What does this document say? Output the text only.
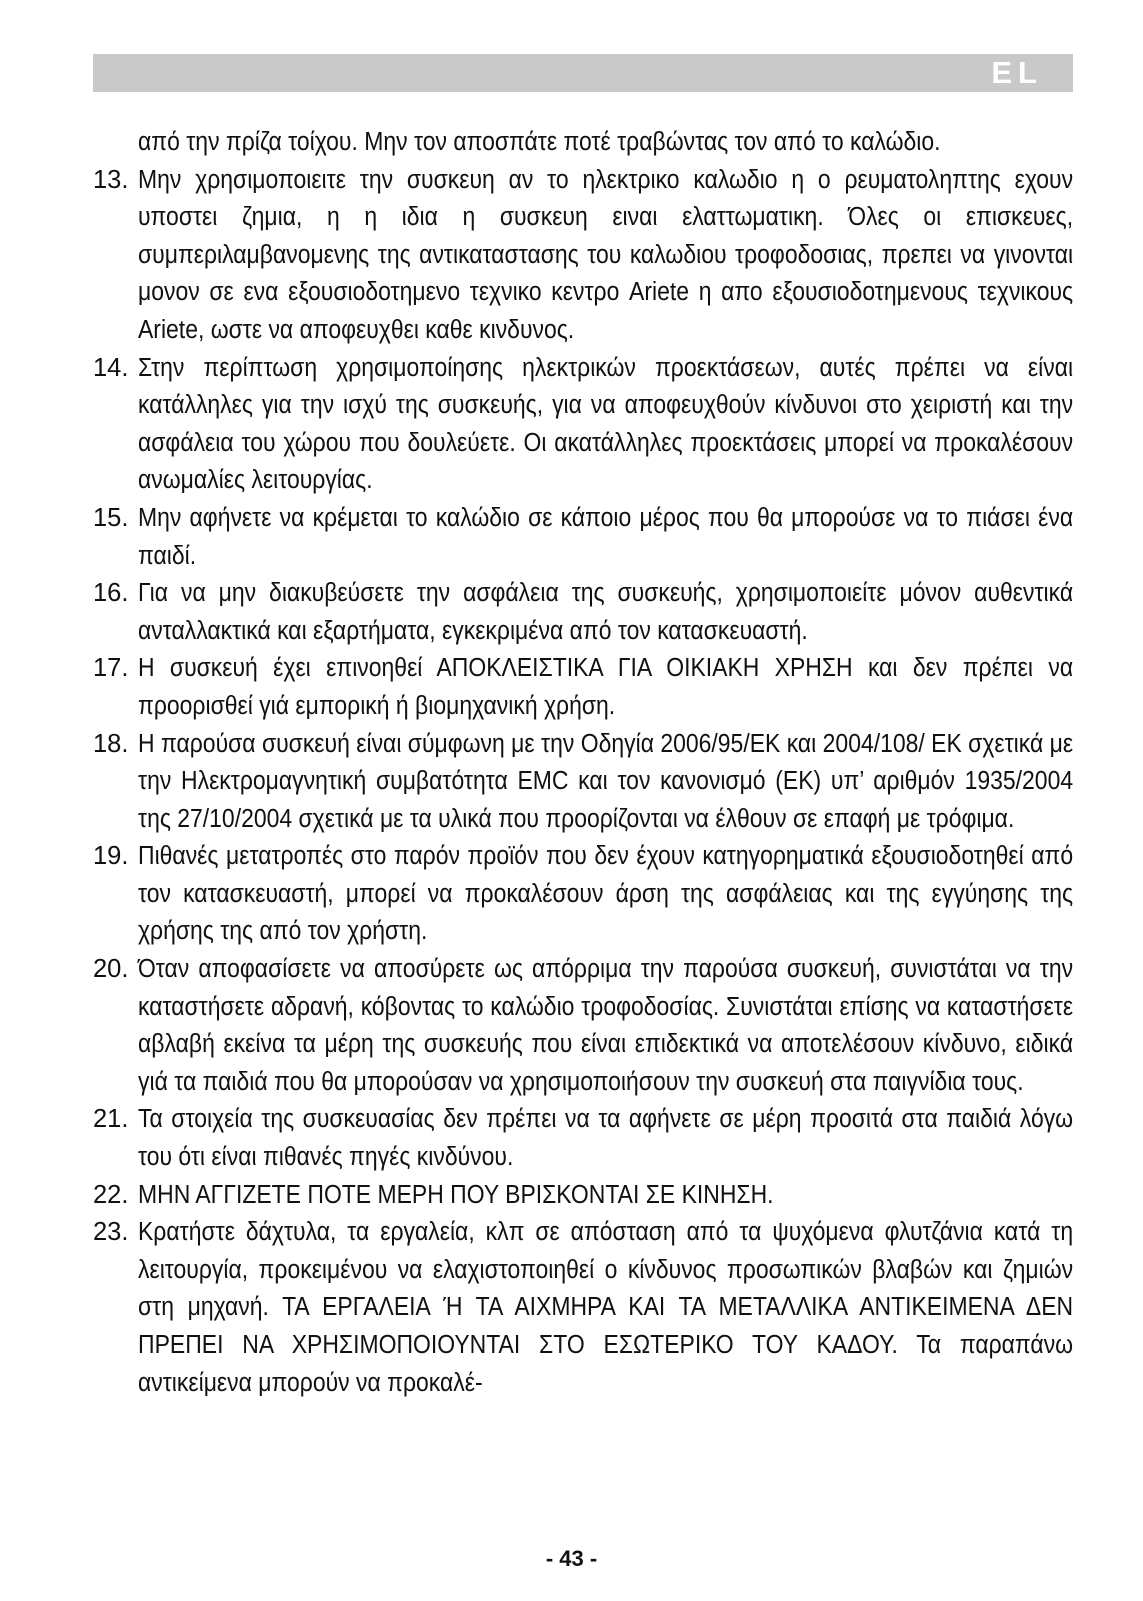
EL

από την πρίζα τοίχου. Μην τον αποσπάτε ποτέ τραβώντας τον από το καλώδιο.

13. Μην χρησιμοποιειτε την συσκευη αν το ηλεκτρικο καλωδιο η ο ρευματοληπτης εχουν υποστει ζημια, η η ιδια η συσκευη ειναι ελαττωματικη. Όλες οι επισκευες, συμπεριλαμβανομενης της αντικαταστασης του καλωδιου τροφοδοσιας, πρεπει να γινονται μονον σε ενα εξουσιοδοτημενο τεχνικο κεντρο Ariete η απο εξουσιοδοτημενους τεχνικους Ariete, ωστε να αποφευχθει καθε κινδυνος.
14. Στην περίπτωση χρησιμοποίησης ηλεκτρικών προεκτάσεων, αυτές πρέπει να είναι κατάλληλες για την ισχύ της συσκευής, για να αποφευχθούν κίνδυνοι στο χειριστή και την ασφάλεια του χώρου που δουλεύετε. Οι ακατάλληλες προεκτάσεις μπορεί να προκαλέσουν ανωμαλίες λειτουργίας.
15. Μην αφήνετε να κρέμεται το καλώδιο σε κάποιο μέρος που θα μπορούσε να το πιάσει ένα παιδί.
16. Για να μην διακυβεύσετε την ασφάλεια της συσκευής, χρησιμοποιείτε μόνον αυθεντικά ανταλλακτικά και εξαρτήματα, εγκεκριμένα από τον κατασκευαστή.
17. Η συσκευή έχει επινοηθεί ΑΠΟΚΛΕΙΣΤΙΚΑ ΓΙΑ ΟΙΚΙΑΚΗ ΧΡΗΣΗ και δεν πρέπει να προορισθεί γιά εμπορική ή βιομηχανική χρήση.
18. Η παρούσα συσκευή είναι σύμφωνη με την Οδηγία 2006/95/ΕΚ και 2004/108/ ΕΚ σχετικά με την Ηλεκτρομαγνητική συμβατότητα EMC και τον κανονισμό (ΕΚ) υπ’ αριθμόν 1935/2004 της 27/10/2004 σχετικά με τα υλικά που προορίζονται να έλθουν σε επαφή με τρόφιμα.
19. Πιθανές μετατροπές στο παρόν προϊόν που δεν έχουν κατηγορηματικά εξουσιοδοτηθεί από τον κατασκευαστή, μπορεί να προκαλέσουν άρση της ασφάλειας και της εγγύησης της χρήσης της από τον χρήστη.
20. Όταν αποφασίσετε να αποσύρετε ως απόρριμα την παρούσα συσκευή, συνιστάται να την καταστήσετε αδρανή, κόβοντας το καλώδιο τροφοδοσίας. Συνιστάται επίσης να καταστήσετε αβλαβή εκείνα τα μέρη της συσκευής που είναι επιδεκτικά να αποτελέσουν κίνδυνο, ειδικά γιά τα παιδιά που θα μπορούσαν να χρησιμοποιήσουν την συσκευή στα παιγνίδια τους.
21. Τα στοιχεία της συσκευασίας δεν πρέπει να τα αφήνετε σε μέρη προσιτά στα παιδιά λόγω του ότι είναι πιθανές πηγές κινδύνου.
22. ΜΗΝ ΑΓΓΙΖΕΤΕ ΠΟΤΕ ΜΕΡΗ ΠΟΥ ΒΡΙΣΚΟΝΤΑΙ ΣΕ ΚΙΝΗΣΗ.
23. Κρατήστε δάχτυλα, τα εργαλεία, κλπ σε απόσταση από τα ψυχόμενα φλυτζάνια κατά τη λειτουργία, προκειμένου να ελαχιστοποιηθεί ο κίνδυνος προσωπικών βλαβών και ζημιών στη μηχανή. ΤΑ ΕΡΓΑΛΕΙΑ Ή ΤΑ ΑΙΧΜΗΡΑ ΚΑΙ ΤΑ ΜΕΤΑΛΛΙΚΑ ΑΝΤΙΚΕΙΜΕΝΑ ΔΕΝ ΠΡΕΠΕΙ ΝΑ ΧΡΗΣΙΜΟΠΟΙΟΥΝΤΑΙ ΣΤΟ ΕΣΩΤΕΡΙΚΟ ΤΟΥ ΚΑΔΟΥ. Τα παραπάνω αντικείμενα μπορούν να προκαλέ-
- 43 -
